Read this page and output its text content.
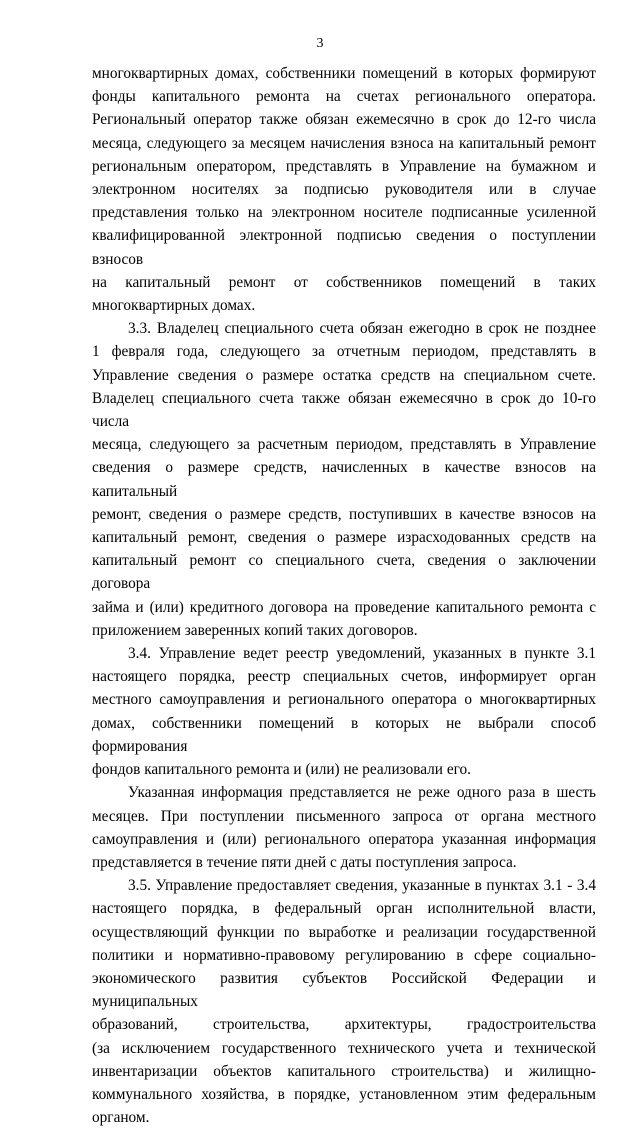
3
многоквартирных домах, собственники помещений в которых формируют
фонды капитального ремонта на счетах регионального оператора.
Региональный оператор также обязан ежемесячно в срок до 12-го числа
месяца, следующего за месяцем начисления взноса на капитальный ремонт
региональным оператором, представлять в Управление на бумажном и
электронном носителях за подписью руководителя или в случае
представления только на электронном носителе подписанные усиленной
квалифицированной электронной подписью сведения о поступлении взносов
на капитальный ремонт от собственников помещений в таких
многоквартирных домах.
3.3. Владелец специального счета обязан ежегодно в срок не позднее
1 февраля года, следующего за отчетным периодом, представлять в
Управление сведения о размере остатка средств на специальном счете.
Владелец специального счета также обязан ежемесячно в срок до 10-го числа
месяца, следующего за расчетным периодом, представлять в Управление
сведения о размере средств, начисленных в качестве взносов на капитальный
ремонт, сведения о размере средств, поступивших в качестве взносов на
капитальный ремонт, сведения о размере израсходованных средств на
капитальный ремонт со специального счета, сведения о заключении договора
займа и (или) кредитного договора на проведение капитального ремонта с
приложением заверенных копий таких договоров.
3.4. Управление ведет реестр уведомлений, указанных в пункте 3.1
настоящего порядка, реестр специальных счетов, информирует орган
местного самоуправления и регионального оператора о многоквартирных
домах, собственники помещений в которых не выбрали способ формирования
фондов капитального ремонта и (или) не реализовали его.
Указанная информация представляется не реже одного раза в шесть
месяцев. При поступлении письменного запроса от органа местного
самоуправления и (или) регионального оператора указанная информация
представляется в течение пяти дней с даты поступления запроса.
3.5. Управление предоставляет сведения, указанные в пунктах 3.1 - 3.4
настоящего порядка, в федеральный орган исполнительной власти,
осуществляющий функции по выработке и реализации государственной
политики и нормативно-правовому регулированию в сфере социально-
экономического развития субъектов Российской Федерации и муниципальных
образований, строительства, архитектуры, градостроительства
(за исключением государственного технического учета и технической
инвентаризации объектов капитального строительства) и жилищно-
коммунального хозяйства, в порядке, установленном этим федеральным
органом.
